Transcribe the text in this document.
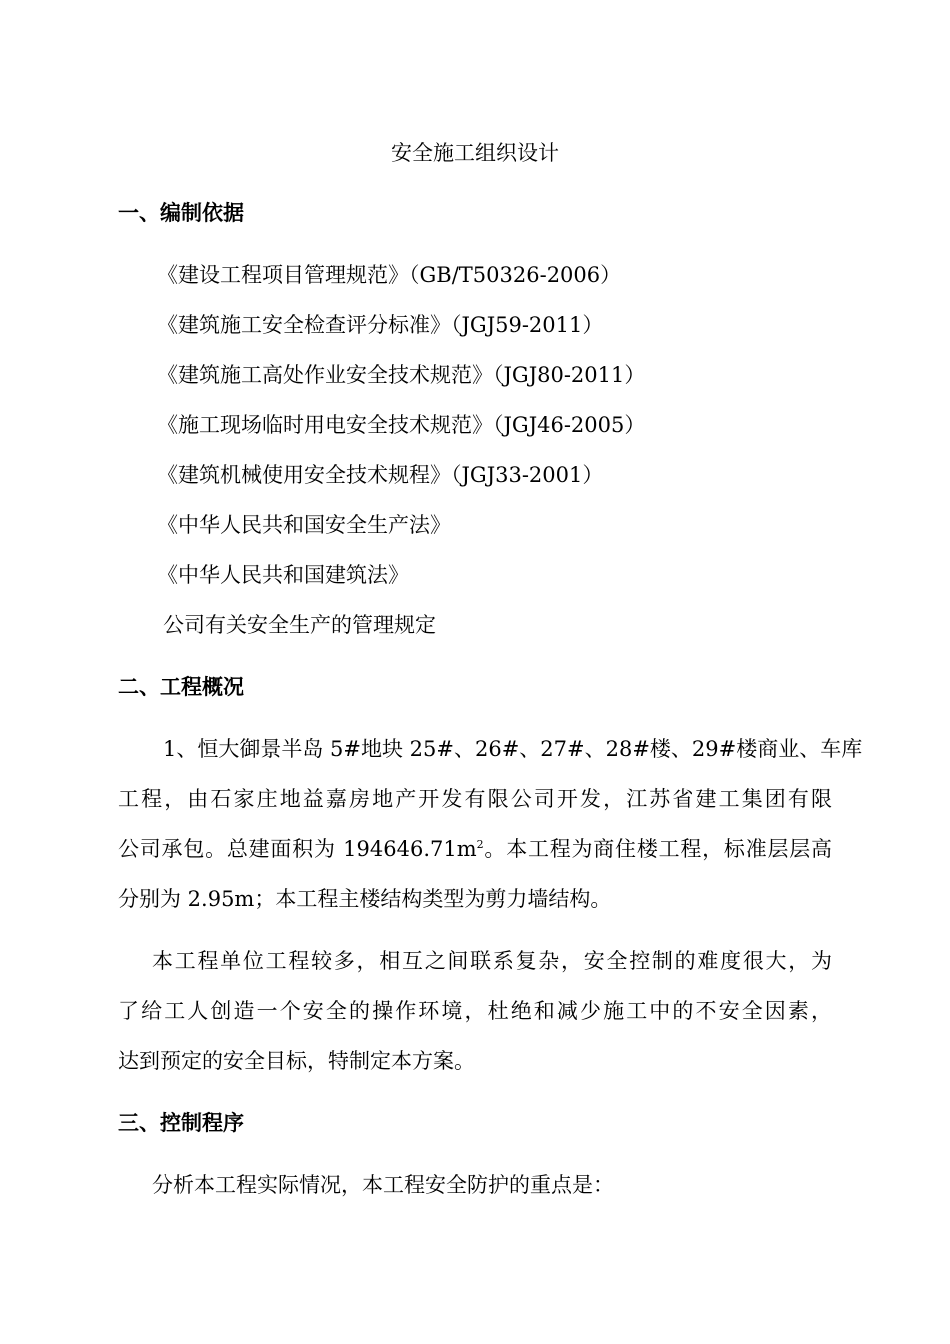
安全施工组织设计
一、编制依据
《建设工程项目管理规范》（GB/T50326-2006）
《建筑施工安全检查评分标准》（JGJ59-2011）
《建筑施工高处作业安全技术规范》（JGJ80-2011）
《施工现场临时用电安全技术规范》（JGJ46-2005）
《建筑机械使用安全技术规程》（JGJ33-2001）
《中华人民共和国安全生产法》
《中华人民共和国建筑法》
公司有关安全生产的管理规定
二、工程概况
1、恒大御景半岛 5#地块 25#、26#、27#、28#楼、29#楼商业、车库
工程，由石家庄地益嘉房地产开发有限公司开发，江苏省建工集团有限
公司承包。总建面积为 $194646.71m^2$。本工程为商住楼工程，标准层层高
分别为 2.95m；本工程主楼结构类型为剪力墙结构。
本工程单位工程较多，相互之间联系复杂，安全控制的难度很大，为
了给工人创造一个安全的操作环境，杜绝和减少施工中的不安全因素，
达到预定的安全目标，特制定本方案。
三、控制程序
分析本工程实际情况，本工程安全防护的重点是：
